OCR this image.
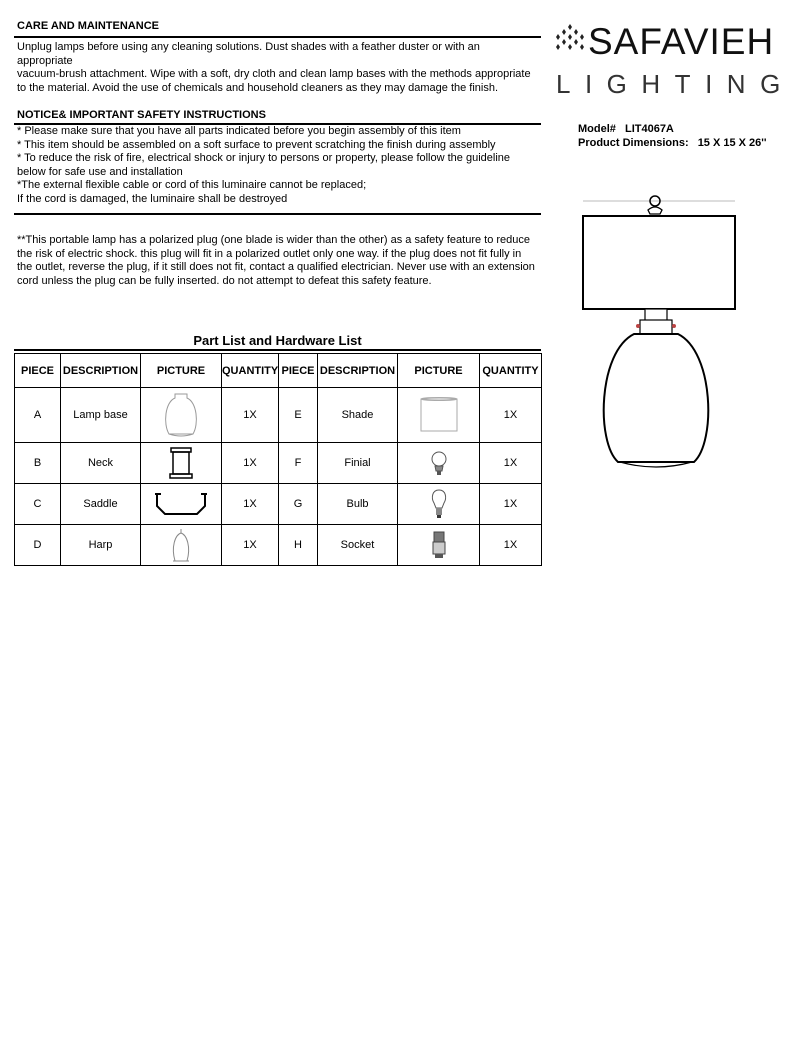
CARE AND MAINTENANCE
Unplug lamps before using any cleaning solutions. Dust shades with a feather duster or with an
appropriate
vacuum-brush attachment. Wipe with a soft, dry cloth and clean lamp bases with the methods appropriate
to the material. Avoid the use of chemicals and household cleaners as they may damage the finish.
NOTICE& IMPORTANT SAFETY INSTRUCTIONS
* Please make sure that you have all parts indicated before you begin assembly of this item
* This item should be assembled on a soft surface to prevent scratching the finish during assembly
* To reduce the risk of fire, electrical shock or injury to persons or property, please follow the guideline
below for safe use and installation
*The external flexible cable or cord of this luminaire cannot be replaced;
If the cord is damaged, the luminaire shall be destroyed
**This portable lamp has a polarized plug (one blade is wider than the other) as a safety feature to reduce
the risk of electric shock. this plug will fit in a polarized outlet only one way. if the plug does not fit fully in
the outlet, reverse the plug, if it still does not fit, contact a qualified electrician. Never use with an extension
cord unless the plug can be fully inserted. do not attempt to defeat this safety feature.
SAFAVIEH
LIGHTING
Model# LIT4067A
Product Dimensions: 15 X 15 X 26''
Part List and Hardware List
PIECE	DESCRIPTION	PICTURE	QUANTITY	PIECE	DESCRIPTION	PICTURE	QUANTITY
A	Lamp base		1X	E	Shade		1X
B	Neck		1X	F	Finial		1X
C	Saddle		1X	G	Bulb		1X
D	Harp		1X	H	Socket		1X
